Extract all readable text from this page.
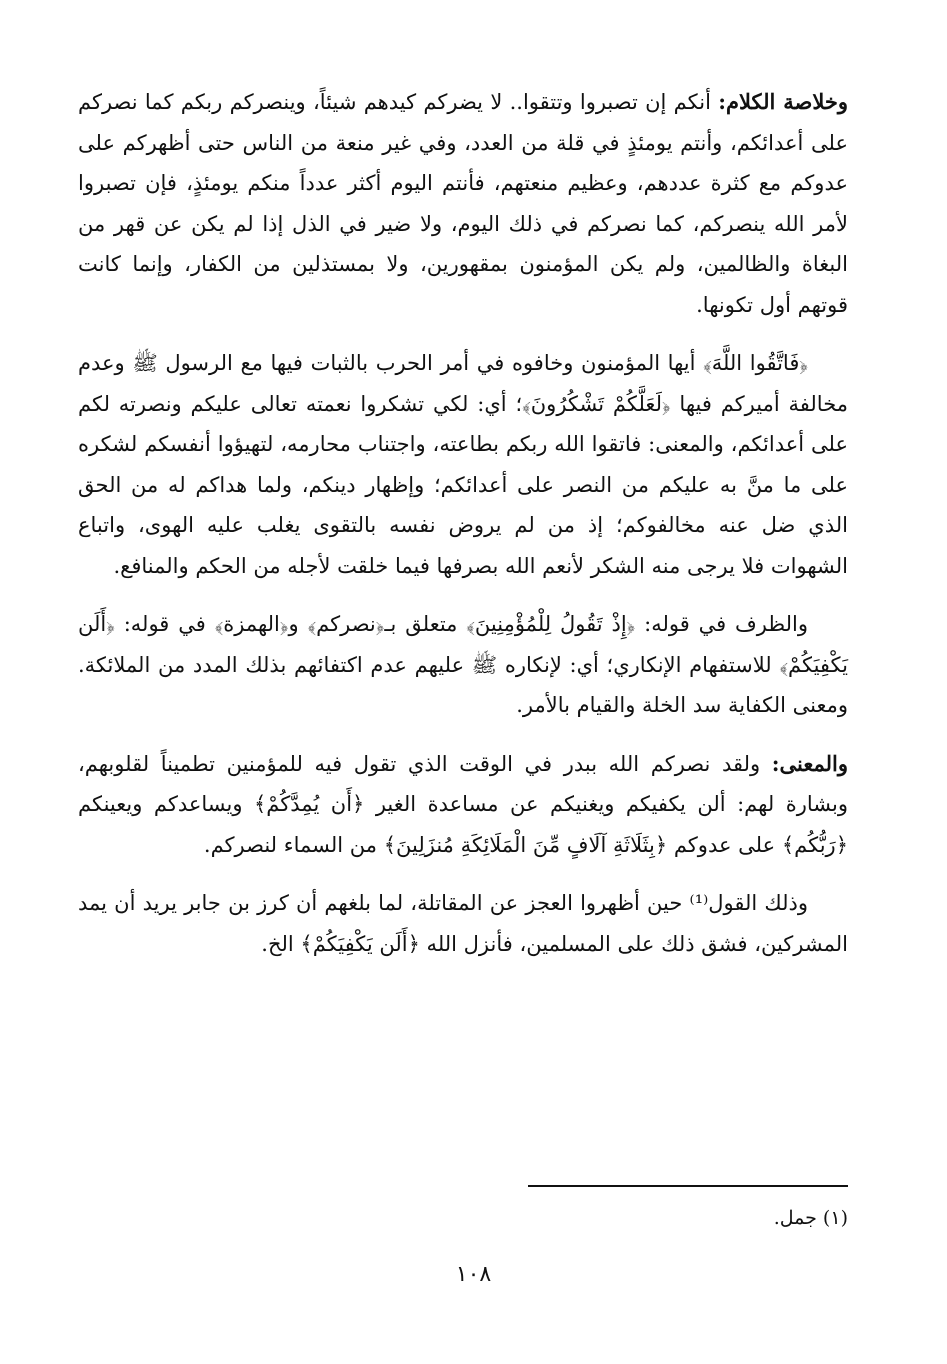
وخلاصة الكلام: أنكم إن تصبروا وتتقوا.. لا يضركم كيدهم شيئاً، وينصركم ربكم كما نصركم على أعدائكم، وأنتم يومئذٍ في قلة من العدد، وفي غير منعة من الناس حتى أظهركم على عدوكم مع كثرة عددهم، وعظيم منعتهم، فأنتم اليوم أكثر عدداً منكم يومئذٍ، فإن تصبروا لأمر الله ينصركم، كما نصركم في ذلك اليوم، ولا ضير في الذل إذا لم يكن عن قهر من البغاة والظالمين، ولم يكن المؤمنون بمقهورين، ولا بمستذلين من الكفار، وإنما كانت قوتهم أول تكونها.

﴿فَاتَّقُوا اللَّهَ﴾ أيها المؤمنون وخافوه في أمر الحرب بالثبات فيها مع الرسول ﷺ وعدم مخالفة أميركم فيها ﴿لَعَلَّكُمْ تَشْكُرُونَ﴾؛ أي: لكي تشكروا نعمته تعالى عليكم ونصرته لكم على أعدائكم، والمعنى: فاتقوا الله ربكم بطاعته، واجتناب محارمه، لتهيؤوا أنفسكم لشكره على ما منَّ به عليكم من النصر على أعدائكم؛ وإظهار دينكم، ولما هداكم له من الحق الذي ضل عنه مخالفوكم؛ إذ من لم يروض نفسه بالتقوى يغلب عليه الهوى، واتباع الشهوات فلا يرجى منه الشكر لأنعم الله بصرفها فيما خلقت لأجله من الحكم والمنافع.

والظرف في قوله: ﴿إِذْ تَقُولُ لِلْمُؤْمِنِينَ﴾ متعلق بـ﴿نصركم﴾ و﴿الهمزة﴾ في قوله: ﴿أَلَن يَكْفِيَكُمْ﴾ للاستفهام الإنكاري؛ أي: لإنكاره ﷺ عليهم عدم اكتفائهم بذلك المدد من الملائكة. ومعنى الكفاية سد الخلة والقيام بالأمر.

والمعنى: ولقد نصركم الله ببدر في الوقت الذي تقول فيه للمؤمنين تطميناً لقلوبهم، وبشارة لهم: ألن يكفيكم ويغنيكم عن مساعدة الغير ﴿أَن يُمِدَّكُمْ﴾ ويساعدكم ويعينكم ﴿رَبُّكُم﴾ على عدوكم ﴿بِثَلَاثَةِ آلَافٍ مِّنَ الْمَلَائِكَةِ مُنزَلِينَ﴾ من السماء لنصركم.

وذلك القول⁽¹⁾ حين أظهروا العجز عن المقاتلة، لما بلغهم أن كرز بن جابر يريد أن يمد المشركين، فشق ذلك على المسلمين، فأنزل الله ﴿أَلَن يَكْفِيَكُمْ﴾ الخ.

(١) جمل.
١٠٨
